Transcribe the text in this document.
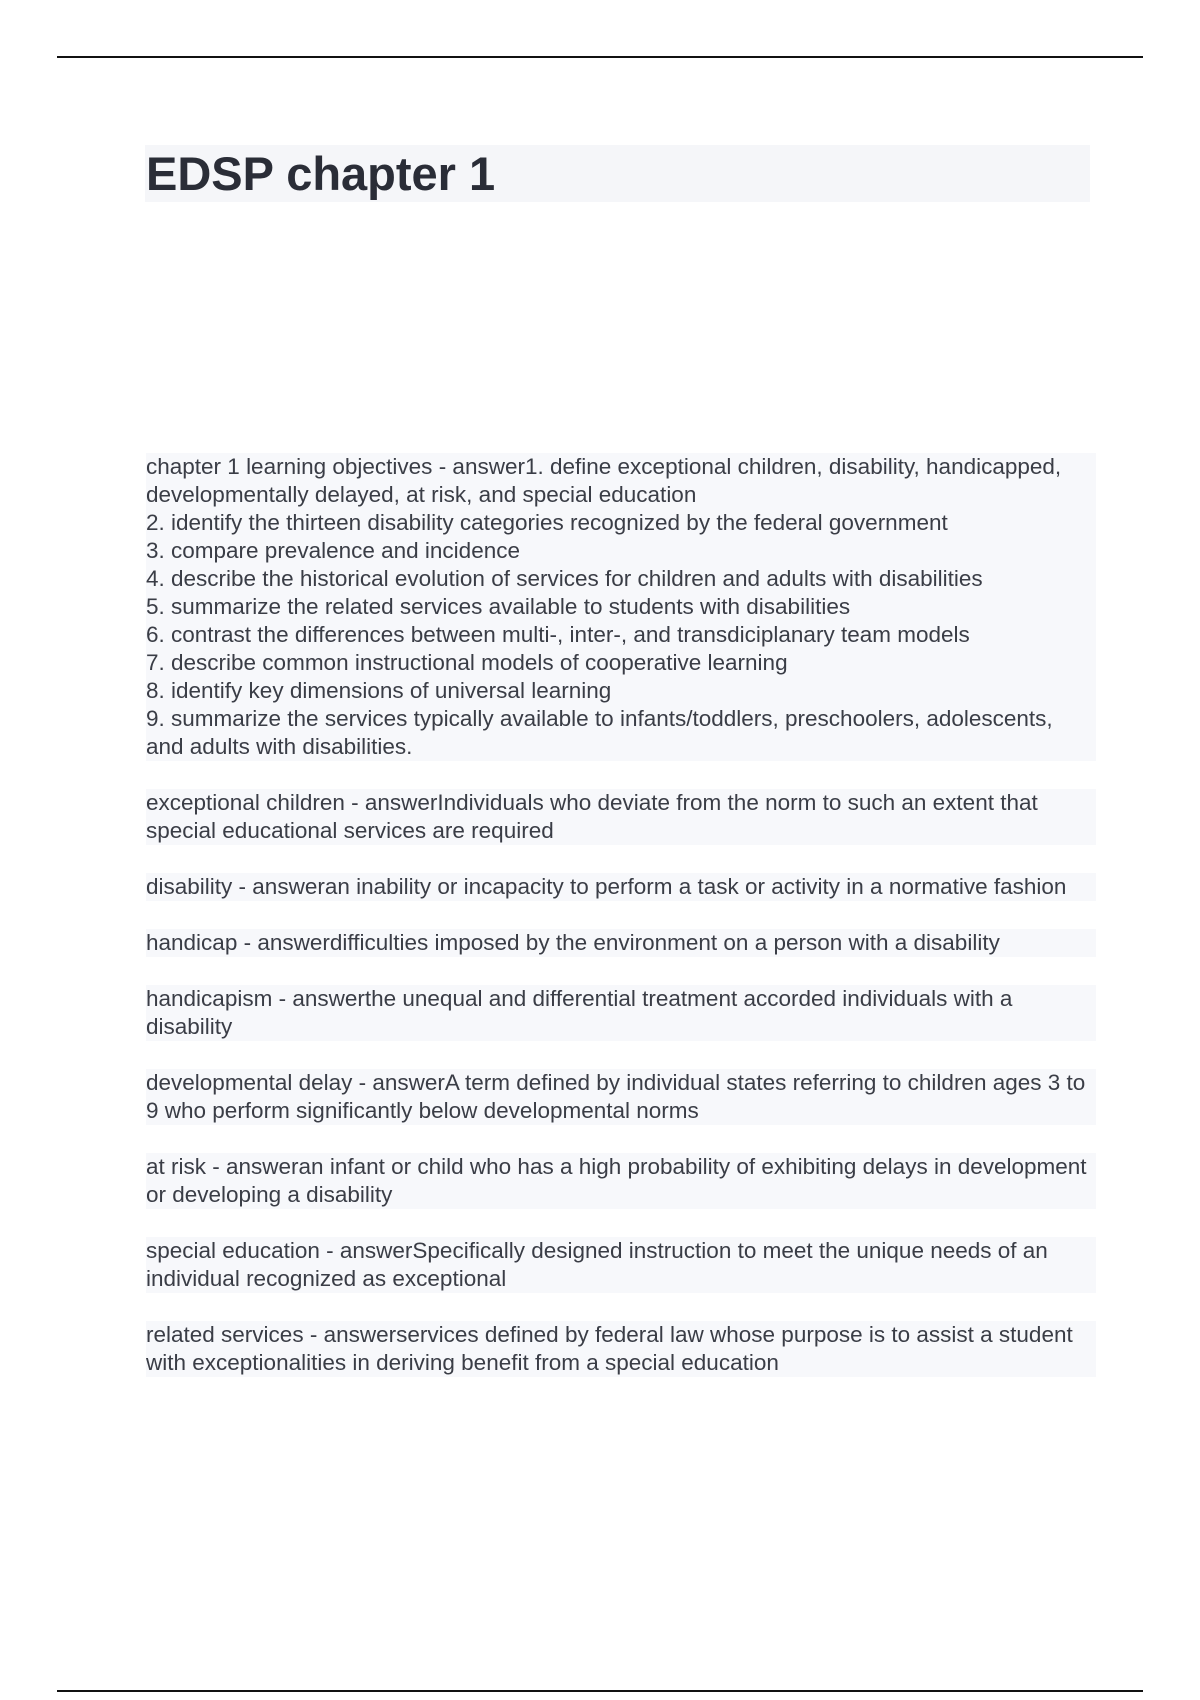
EDSP chapter 1
chapter 1 learning objectives - answer1. define exceptional children, disability, handicapped, developmentally delayed, at risk, and special education
2. identify the thirteen disability categories recognized by the federal government
3. compare prevalence and incidence
4. describe the historical evolution of services for children and adults with disabilities
5. summarize the related services available to students with disabilities
6. contrast the differences between multi-, inter-, and transdiciplanary team models
7. describe common instructional models of cooperative learning
8. identify key dimensions of universal learning
9. summarize the services typically available to infants/toddlers, preschoolers, adolescents, and adults with disabilities.
exceptional children - answerIndividuals who deviate from the norm to such an extent that special educational services are required
disability - answeran inability or incapacity to perform a task or activity in a normative fashion
handicap - answerdifficulties imposed by the environment on a person with a disability
handicapism - answerthe unequal and differential treatment accorded individuals with a disability
developmental delay - answerA term defined by individual states referring to children ages 3 to 9 who perform significantly below developmental norms
at risk - answeran infant or child who has a high probability of exhibiting delays in development or developing a disability
special education - answerSpecifically designed instruction to meet the unique needs of an individual recognized as exceptional
related services - answerservices defined by federal law whose purpose is to assist a student with exceptionalities in deriving benefit from a special education
